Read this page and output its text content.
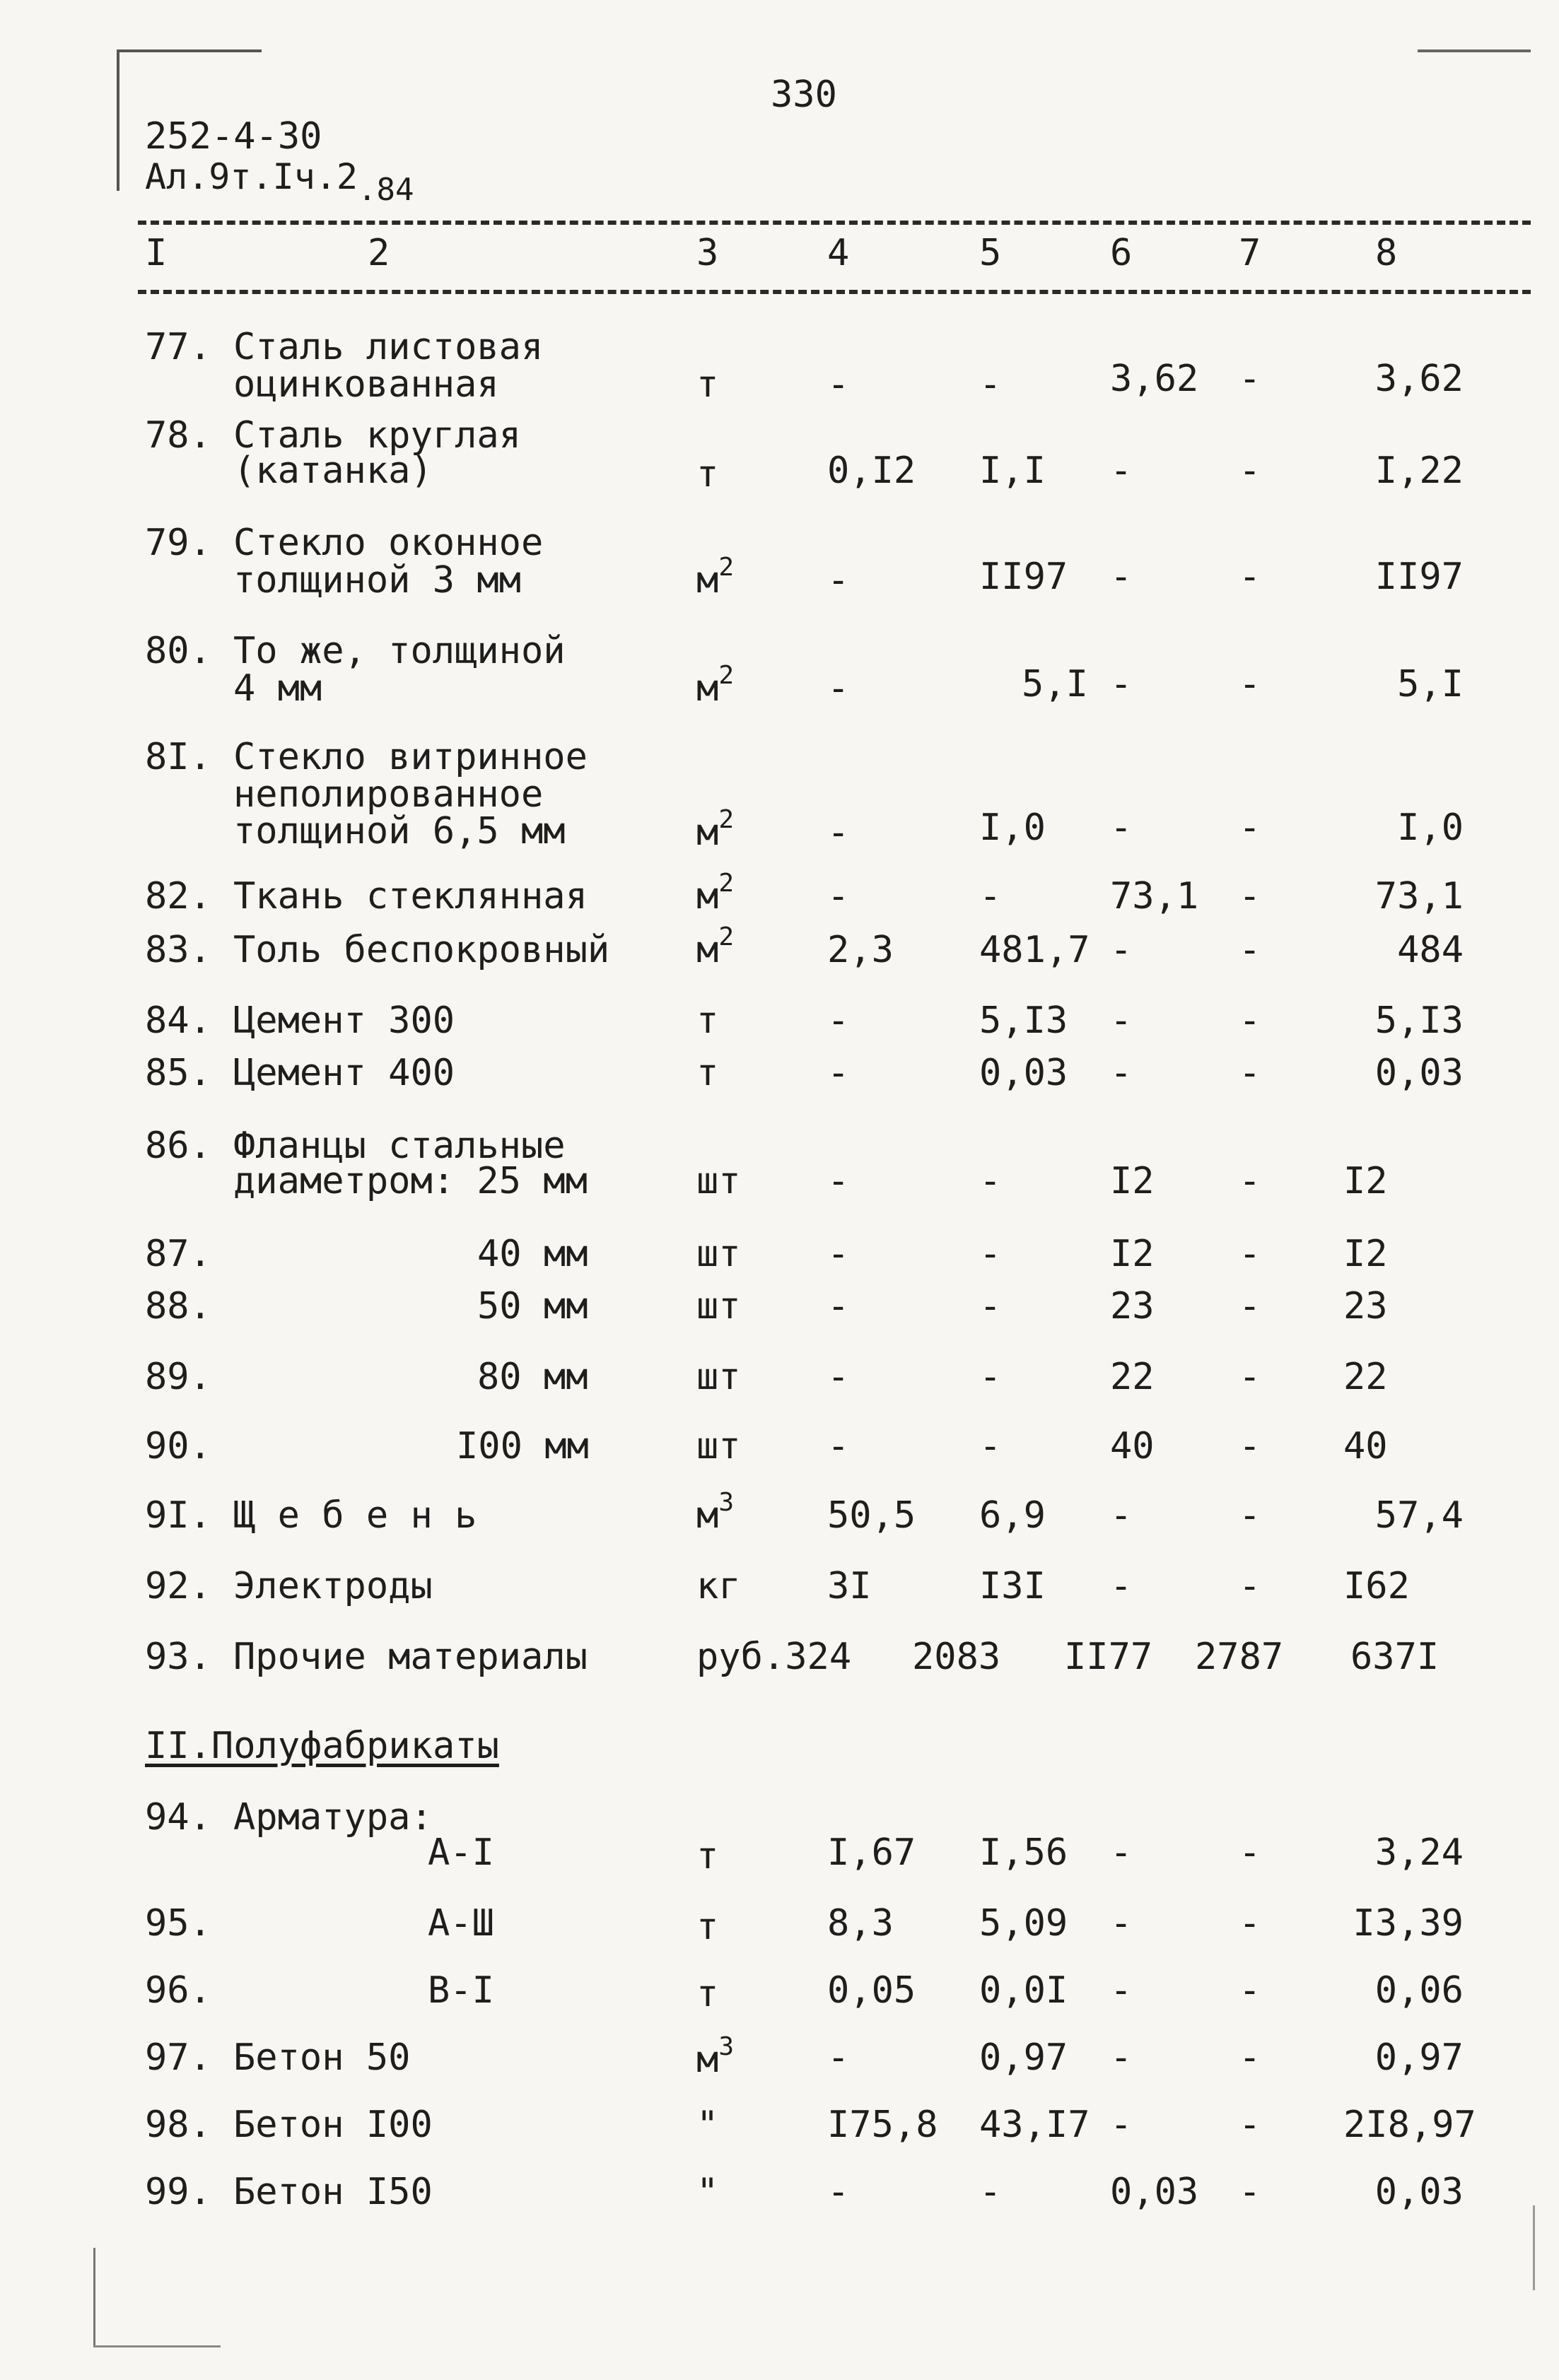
330
252-4-30
Ал.9т.Iч.2.84
I	2	3	4	5	6	7	8
77. Сталь листовая
оцинкованная	т	-	-	3,62 -	3,62
78. Сталь круглая
(катанка)	т	0,I2 I,I -	-	I,22
79. Стекло оконное
толщиной 3 мм	$м^2$	-	II97 -	-	II97
80. То же, толщиной
4 мм	$м^2$	-	5,I -	-	5,I
8I. Стекло витринное
неполированное
толщиной 6,5 мм	$м^2$	-	I,0 -	-	I,0
82. Ткань стеклянная	$м^2$	-	-	73,1 -	73,1
83. Толь беспокровный $м^2$	2,3 481,7 -	-	484
84. Цемент 300	т	-	5,I3 -	-	5,I3
85. Цемент 400	т	-	0,03 -	-	0,03
86. Фланцы стальные
диаметром: 25 мм	шт -	-	I2 - I2
87.	40 мм	шт -	-	I2 - I2
88.	50 мм	шт -	-	23 - 23
89.	80 мм	шт -	-	22 - 22
90.	I00 мм	шт -	-	40 - 40
9I. Щ е б е н ь	$м^3$	50,5 6,9 -	-	57,4
92. Электроды	кг 3I	I3I -	- I62
93. Прочие материалы	руб.324 2083 II77 2787 637I
II.Полуфабрикаты
94. Арматура:
А-I	т	I,67 I,56 -	-	3,24
95.	А-Ш	т	8,3 5,09 -	-	I3,39
96.	В-I	т	0,05 0,0I -	-	0,06
97. Бетон 50	$м^3$	-	0,97 -	-	0,97
98. Бетон I00	"	I75,8 43,I7 -	- 2I8,97
99. Бетон I50	"	-	-	0,03 -	0,03
